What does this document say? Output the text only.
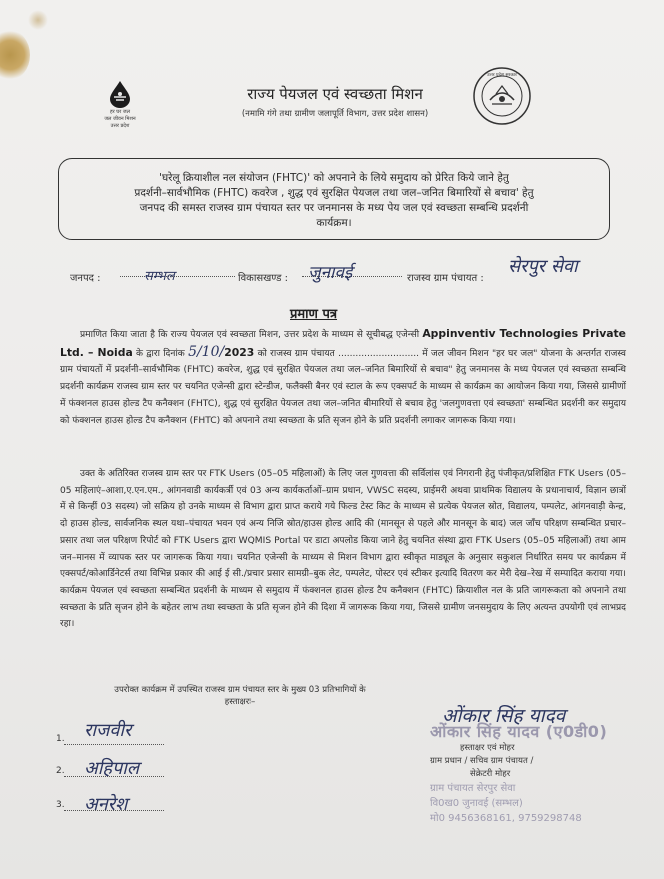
हर घर जल
जल जीवन मिशन
उत्तर प्रदेश
राज्य पेयजल एवं स्वच्छता मिशन
(नमामि गंगे तथा ग्रामीण जलापूर्ति विभाग, उत्तर प्रदेश शासन)
उत्तर प्रदेश सरकार
'घरेलू क्रियाशील नल संयोजन (FHTC)' को अपनाने के लिये समुदाय को प्रेरित किये जाने हेतु
प्रदर्शनी–सार्वभौमिक (FHTC) कवरेज , शुद्ध एवं सुरक्षित पेयजल तथा जल–जनित बिमारियों से बचाव' हेतु
जनपद की समस्त राजस्व ग्राम पंचायत स्तर पर जनमानस के मध्य पेय जल एवं स्वच्छता सम्बन्धि प्रदर्शनी
कार्यक्रम।
जनपद :	सम्भल	विकासखण्ड : जुनावई	राजस्व ग्राम पंचायत :
सेरपुर सेवा
प्रमाण पत्र
प्रमाणित किया जाता है कि राज्य पेयजल एवं स्वच्छता मिशन, उत्तर प्रदेश के माध्यम से सूचीबद्ध एजेन्सी Appinventiv Technologies Private Ltd. – Noida के द्वारा दिनांक 5/10/2023 को राजस्व ग्राम पंचायत ............................ में जल जीवन मिशन "हर घर जल" योजना के अन्तर्गत राजस्व ग्राम पंचायतों में प्रदर्शनी–सार्वभौमिक (FHTC) कवरेज, शुद्ध एवं सुरक्षित पेयजल तथा जल–जनित बिमारियों से बचाव" हेतु जनमानस के मध्य पेयजल एवं स्वच्छता सम्बन्धि प्रदर्शनी कार्यक्रम राजस्व ग्राम स्तर पर चयनित एजेन्सी द्वारा स्टेन्डीज, फलैक्सी बैनर एवं स्टाल के रूप एक्सपर्ट के माध्यम से कार्यक्रम का आयोजन किया गया, जिससे ग्रामीणों में फंक्शनल हाउस होल्ड टैप कनैक्शन (FHTC), शुद्ध एवं सुरक्षित पेयजल तथा जल–जनित बीमारियों से बचाव हेतु 'जलगुणवत्ता एवं स्वच्छता' सम्बन्धित प्रदर्शनी कर समुदाय को फंक्शनल हाउस होल्ड टैप कनैक्शन (FHTC) को अपनाने तथा स्वच्छता के प्रति सृजन होने के प्रति प्रदर्शनी लगाकर जागरूक किया गया।
उक्त के अतिरिक्त राजस्व ग्राम स्तर पर FTK Users (05–05 महिलाओं) के लिए जल गुणवत्ता की सर्विलांस एवं निगरानी हेतु पंजीकृत/प्रशिक्षित FTK Users (05–05 महिलाएं–आशा,ए.एन.एम., आंगनवाडी कार्यकर्त्री एवं 03 अन्य कार्यकर्ताओं–ग्राम प्रधान, VWSC सदस्य, प्राईमरी अथवा प्राथमिक विद्यालय के प्रधानाचार्य, विज्ञान छात्रों में से किन्हीं 03 सदस्य) जो सक्रिय हो उनके माध्यम से विभाग द्वारा प्राप्त कराये गये फिल्ड टेस्ट किट के माध्यम से प्रत्येक पेयजल स्रोत, विद्यालय, पम्पलेट, आंगनवाड़ी केन्द्र, दो हाउस होल्ड, सार्वजनिक स्थल यथा–पंचायत भवन एवं अन्य निजि स्रोत/हाउस होल्ड आदि की (मानसून से पहले और मानसून के बाद) जल जाँच परिक्षण सम्बन्धित प्रचार–प्रसार तथा जल परिक्षण रिपोर्ट को FTK Users द्वारा WQMIS Portal पर डाटा अपलोड किया जाने हेतु चयनित संस्था द्वारा FTK Users (05–05 महिलाओं) तथा आम जन–मानस में व्यापक स्तर पर जागरूक किया गया। चयनित एजेन्सी के माध्यम से मिशन विभाग द्वारा स्वीकृत माड्यूल के अनुसार सकुशल निर्धारित समय पर कार्यक्रम में एक्सपर्ट/कोआर्डिनेटर्स तथा विभिन्न प्रकार की आई ई सी./प्रचार प्रसार सामग्री–बुक लेट, पम्पलेट, पोस्टर एवं स्टीकर इत्यादि वितरण कर मेरी देख–रेख में सम्पादित कराया गया। कार्यक्रम पेयजल एवं स्वच्छता सम्बन्धित प्रदर्शनी के माध्यम से समुदाय में फंक्शनल हाउस होल्ड टैप कनैक्शन (FHTC) क्रियाशील नल के प्रति जागरूकता को अपनाने तथा स्वच्छता के प्रति सृजन होने के बहेतर लाभ तथा स्वच्छता के प्रति सृजन होने की दिशा में जागरूक किया गया, जिससे ग्रामीण जनसमुदाय के लिए अत्यन्त उपयोगी एवं लाभप्रद रहा।
उपरोक्त कार्यक्रम में उपस्थित राजस्व ग्राम पंचायत स्तर के मुख्य 03 प्रतिभागियों के
हस्ताक्षरः–
1. राजवीर
2. अहिपाल
3. अनरेश
ओंकार सिंह यादव
ओंकार सिंह यादव (ए0डी0)
हस्ताक्षर एवं मोहर
ग्राम प्रधान / सचिव ग्राम पंचायत /
सेक्रेटरी मोहर
ग्राम पंचायत सेरपुर सेवा
वि0ख0 जुनावई (सम्भल)
मो0 9456368161, 9759298748
